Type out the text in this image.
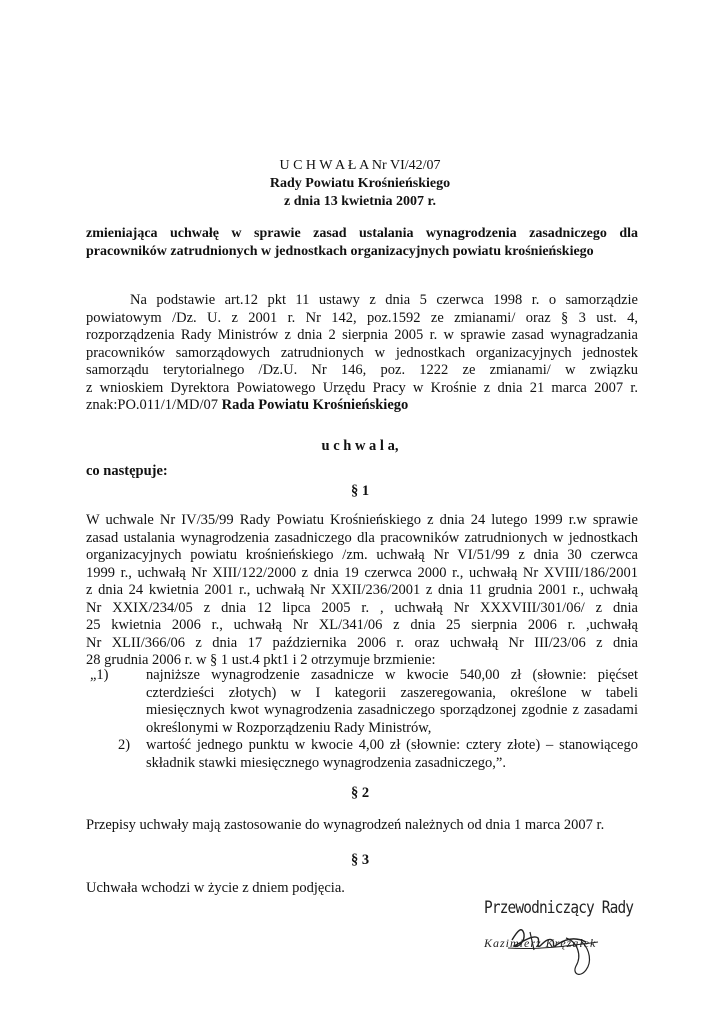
U C H W A Ł A Nr VI/42/07
Rady Powiatu Krośnieńskiego
z dnia 13 kwietnia 2007 r.
zmieniająca uchwałę w sprawie zasad ustalania wynagrodzenia zasadniczego dla
pracowników zatrudnionych w jednostkach organizacyjnych powiatu krośnieńskiego
Na podstawie art.12 pkt 11 ustawy z dnia 5 czerwca 1998 r. o samorządzie
powiatowym /Dz. U. z 2001 r. Nr 142, poz.1592 ze zmianami/ oraz § 3 ust. 4,
rozporządzenia Rady Ministrów z dnia 2 sierpnia 2005 r. w sprawie zasad wynagradzania
pracowników samorządowych zatrudnionych w jednostkach organizacyjnych jednostek
samorządu terytorialnego /Dz.U. Nr 146, poz. 1222 ze zmianami/ w związku
z wnioskiem Dyrektora Powiatowego Urzędu Pracy w Krośnie z dnia 21 marca 2007 r.
znak:PO.011/1/MD/07 Rada Powiatu Krośnieńskiego
u c h w a l a,
co następuje:
§ 1
W uchwale Nr IV/35/99 Rady Powiatu Krośnieńskiego z dnia 24 lutego 1999 r.w sprawie
zasad ustalania wynagrodzenia zasadniczego dla pracowników zatrudnionych w jednostkach
organizacyjnych powiatu krośnieńskiego /zm. uchwałą Nr VI/51/99 z dnia 30 czerwca
1999 r., uchwałą Nr XIII/122/2000 z dnia 19 czerwca 2000 r., uchwałą Nr XVIII/186/2001
z dnia 24 kwietnia 2001 r., uchwałą Nr XXII/236/2001 z dnia 11 grudnia 2001 r., uchwałą
Nr XXIX/234/05 z dnia 12 lipca 2005 r. , uchwałą Nr XXXVIII/301/06/ z dnia
25 kwietnia 2006 r., uchwałą Nr XL/341/06 z dnia 25 sierpnia 2006 r. ,uchwałą
Nr XLII/366/06 z dnia 17 października 2006 r. oraz uchwałą Nr III/23/06 z dnia
28 grudnia 2006 r. w § 1 ust.4 pkt1 i 2 otrzymuje brzmienie:
„1)	najniższe wynagrodzenie zasadnicze w kwocie 540,00 zł (słownie: pięćset
czterdzieści złotych) w I kategorii zaszeregowania, określone w tabeli
miesięcznych kwot wynagrodzenia zasadniczego sporządzonej zgodnie z zasadami
określonymi w Rozporządzeniu Rady Ministrów,
2) wartość jednego punktu w kwocie 4,00 zł (słownie: cztery złote) – stanowiącego
składnik stawki miesięcznego wynagrodzenia zasadniczego,”.
§ 2
Przepisy uchwały mają zastosowanie do wynagrodzeń należnych od dnia 1 marca 2007 r.
§ 3
Uchwała wchodzi w życie z dniem podjęcia.
Przewodniczący Rady
Kazimierz Krężałek
